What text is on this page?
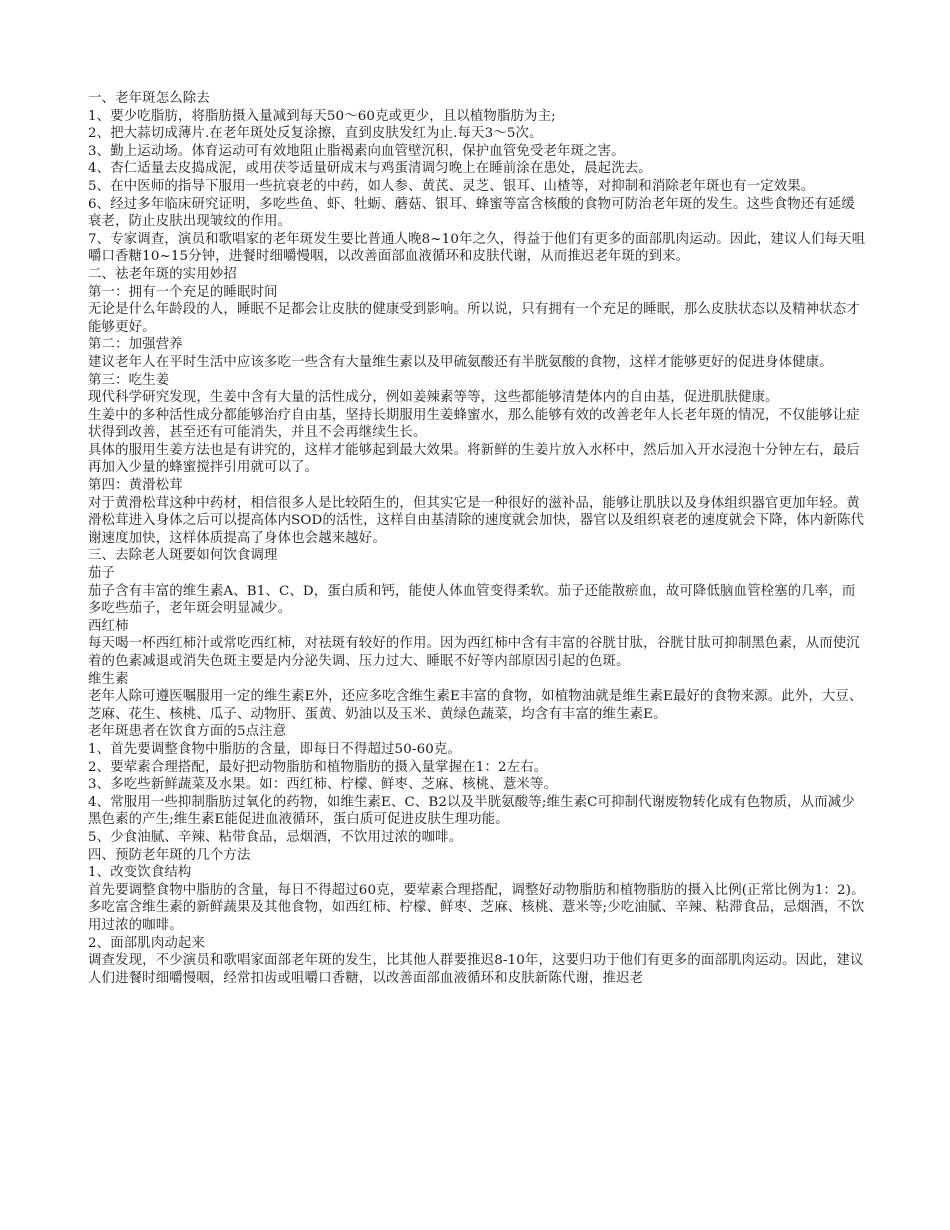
一、老年斑怎么除去

1、要少吃脂肪，将脂肪摄入量减到每天50～60克或更少，且以植物脂肪为主;

2、把大蒜切成薄片.在老年斑处反复涂擦，直到皮肤发红为止.每天3～5次。

3、勤上运动场。体育运动可有效地阻止脂褐素向血管壁沉积，保护血管免受老年斑之害。

4、杏仁适量去皮捣成泥，或用茯苓适量研成末与鸡蛋清调匀晚上在睡前涂在患处，晨起洗去。

5、在中医师的指导下服用一些抗衰老的中药，如人参、黄芪、灵芝、银耳、山楂等，对抑制和消除老年斑也有一定效果。

6、经过多年临床研究证明，多吃些鱼、虾、牡蛎、蘑菇、银耳、蜂蜜等富含核酸的食物可防治老年斑的发生。这些食物还有延缓衰老，防止皮肤出现皱纹的作用。

7、专家调查，演员和歌唱家的老年斑发生要比普通人晚8~10年之久，得益于他们有更多的面部肌肉运动。因此，建议人们每天咀嚼口香糖10~15分钟，进餐时细嚼慢咽，以改善面部血液循环和皮肤代谢，从而推迟老年斑的到来。

二、祛老年斑的实用妙招

第一：拥有一个充足的睡眠时间

无论是什么年龄段的人，睡眠不足都会让皮肤的健康受到影响。所以说，只有拥有一个充足的睡眠，那么皮肤状态以及精神状态才能够更好。

第二：加强营养

建议老年人在平时生活中应该多吃一些含有大量维生素以及甲硫氨酸还有半胱氨酸的食物，这样才能够更好的促进身体健康。

第三：吃生姜

现代科学研究发现，生姜中含有大量的活性成分，例如姜辣素等等，这些都能够清楚体内的自由基，促进肌肤健康。

生姜中的多种活性成分都能够治疗自由基，坚持长期服用生姜蜂蜜水，那么能够有效的改善老年人长老年斑的情况，不仅能够让症状得到改善，甚至还有可能消失，并且不会再继续生长。

具体的服用生姜方法也是有讲究的，这样才能够起到最大效果。将新鲜的生姜片放入水杯中，然后加入开水浸泡十分钟左右，最后再加入少量的蜂蜜搅拌引用就可以了。

第四：黄滑松茸

对于黄滑松茸这种中药材，相信很多人是比较陌生的，但其实它是一种很好的滋补品，能够让肌肤以及身体组织器官更加年轻。黄滑松茸进入身体之后可以提高体内SOD的活性，这样自由基清除的速度就会加快，器官以及组织衰老的速度就会下降，体内新陈代谢速度加快，这样体质提高了身体也会越来越好。

三、去除老人斑要如何饮食调理

茄子

茄子含有丰富的维生素A、B1、C、D，蛋白质和钙，能使人体血管变得柔软。茄子还能散瘀血，故可降低脑血管栓塞的几率，而多吃些茄子，老年斑会明显减少。

西红柿

每天喝一杯西红柿汁或常吃西红柿，对祛斑有较好的作用。因为西红柿中含有丰富的谷胱甘肽，谷胱甘肽可抑制黑色素，从而使沉着的色素减退或消失色斑主要是内分泌失调、压力过大、睡眠不好等内部原因引起的色斑。

维生素

老年人除可遵医嘱服用一定的维生素E外，还应多吃含维生素E丰富的食物，如植物油就是维生素E最好的食物来源。此外，大豆、芝麻、花生、核桃、瓜子、动物肝、蛋黄、奶油以及玉米、黄绿色蔬菜，均含有丰富的维生素E。

老年斑患者在饮食方面的5点注意

1、首先要调整食物中脂肪的含量，即每日不得超过50-60克。

2、要荤素合理搭配，最好把动物脂肪和植物脂肪的摄入量掌握在1：2左右。

3、多吃些新鲜蔬菜及水果。如：西红柿、柠檬、鲜枣、芝麻、核桃、薏米等。

4、常服用一些抑制脂肪过氧化的药物，如维生素E、C、B2以及半胱氨酸等;维生素C可抑制代谢废物转化成有色物质，从而减少黑色素的产生;维生素E能促进血液循环，蛋白质可促进皮肤生理功能。

5、少食油腻、辛辣、粘带食品，忌烟酒，不饮用过浓的咖啡。

四、预防老年斑的几个方法

1、改变饮食结构

首先要调整食物中脂肪的含量，每日不得超过60克，要荤素合理搭配，调整好动物脂肪和植物脂肪的摄入比例(正常比例为1：2)。多吃富含维生素的新鲜蔬果及其他食物，如西红柿、柠檬、鲜枣、芝麻、核桃、薏米等;少吃油腻、辛辣、粘滞食品，忌烟酒，不饮用过浓的咖啡。

2、面部肌肉动起来

调查发现，不少演员和歌唱家面部老年斑的发生，比其他人群要推迟8-10年，这要归功于他们有更多的面部肌肉运动。因此，建议人们进餐时细嚼慢咽，经常扣齿或咀嚼口香糖，以改善面部血液循环和皮肤新陈代谢，推迟老
